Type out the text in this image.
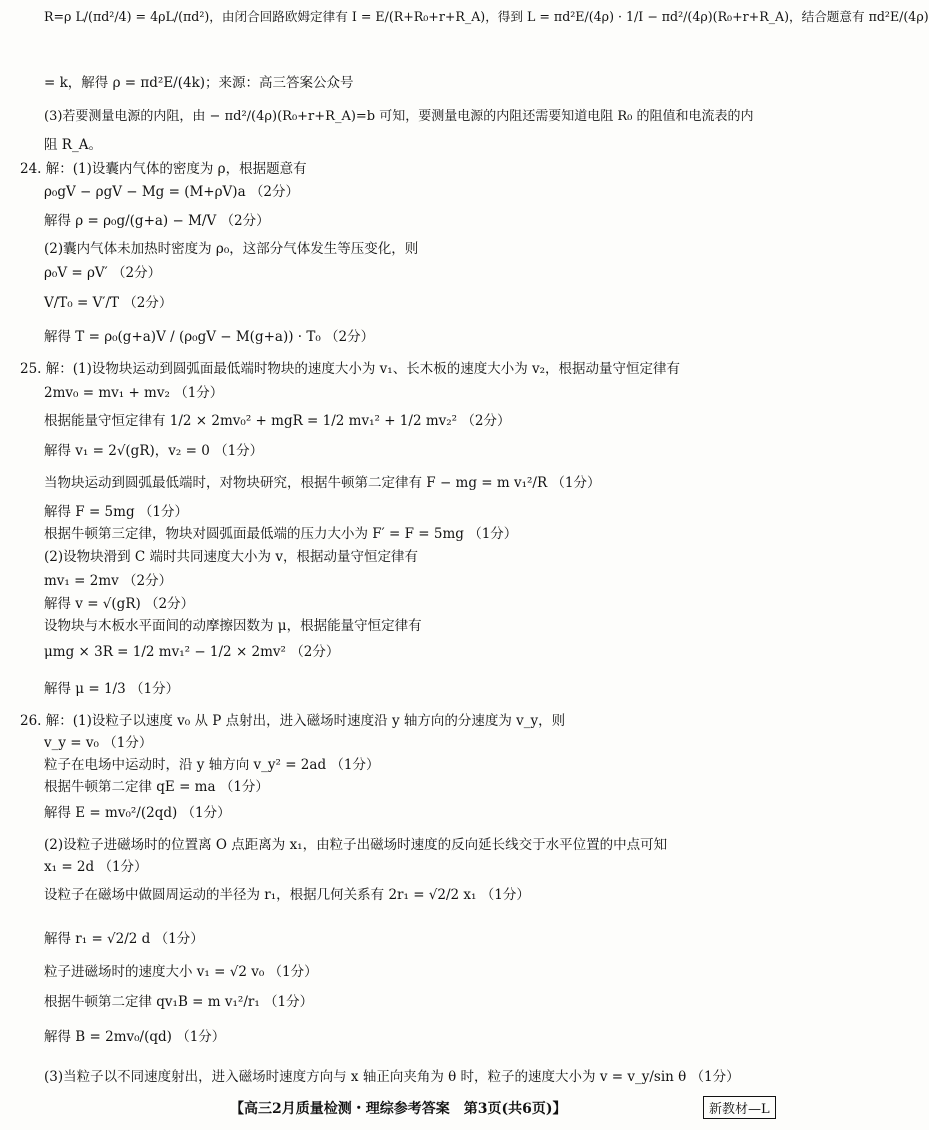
R=ρ L/(πd²/4) = 4ρL/(πd²)，由闭合回路欧姆定律有 I = E/(R+R₀+r+R_A)，得到 L = πd²E/(4ρ) · 1/I − πd²/(4ρ)(R₀+r+R_A)，结合题意有 πd²E/(4ρ)
= k，解得 ρ = πd²E/(4k)；来源：高三答案公众号
(3)若要测量电源的内阻，由 − πd²/(4ρ)(R₀+r+R_A)=b 可知，要测量电源的内阻还需要知道电阻 R₀ 的阻值和电流表的内
阻 R_A。
24. 解：(1)设囊内气体的密度为 ρ，根据题意有
ρ₀gV − ρgV − Mg = (M+ρV)a （2分）
解得 ρ = ρ₀g/(g+a) − M/V （2分）
(2)囊内气体未加热时密度为 ρ₀，这部分气体发生等压变化，则
ρ₀V = ρV′ （2分）
V/T₀ = V′/T （2分）
解得 T = ρ₀(g+a)V / (ρ₀gV − M(g+a)) · T₀ （2分）
25. 解：(1)设物块运动到圆弧面最低端时物块的速度大小为 v₁、长木板的速度大小为 v₂，根据动量守恒定律有
2mv₀ = mv₁ + mv₂ （1分）
根据能量守恒定律有 1/2 × 2mv₀² + mgR = 1/2 mv₁² + 1/2 mv₂² （2分）
解得 v₁ = 2√(gR)，v₂ = 0 （1分）
当物块运动到圆弧最低端时，对物块研究，根据牛顿第二定律有 F − mg = m v₁²/R （1分）
解得 F = 5mg （1分）
根据牛顿第三定律，物块对圆弧面最低端的压力大小为 F′ = F = 5mg （1分）
(2)设物块滑到 C 端时共同速度大小为 v，根据动量守恒定律有
mv₁ = 2mv （2分）
解得 v = √(gR) （2分）
设物块与木板水平面间的动摩擦因数为 μ，根据能量守恒定律有
μmg × 3R = 1/2 mv₁² − 1/2 × 2mv² （2分）
解得 μ = 1/3 （1分）
26. 解：(1)设粒子以速度 v₀ 从 P 点射出，进入磁场时速度沿 y 轴方向的分速度为 v_y，则
v_y = v₀ （1分）
粒子在电场中运动时，沿 y 轴方向 v_y² = 2ad （1分）
根据牛顿第二定律 qE = ma （1分）
解得 E = mv₀²/(2qd) （1分）
(2)设粒子进磁场时的位置离 O 点距离为 x₁，由粒子出磁场时速度的反向延长线交于水平位置的中点可知
x₁ = 2d （1分）
设粒子在磁场中做圆周运动的半径为 r₁，根据几何关系有 2r₁ = √2/2 x₁ （1分）
解得 r₁ = √2/2 d （1分）
粒子进磁场时的速度大小 v₁ = √2 v₀ （1分）
根据牛顿第二定律 qv₁B = m v₁²/r₁ （1分）
解得 B = 2mv₀/(qd) （1分）
(3)当粒子以不同速度射出，进入磁场时速度方向与 x 轴正向夹角为 θ 时，粒子的速度大小为 v = v_y/sin θ （1分）
【高三2月质量检测・理综参考答案　第3页(共6页)】	新教材—L
